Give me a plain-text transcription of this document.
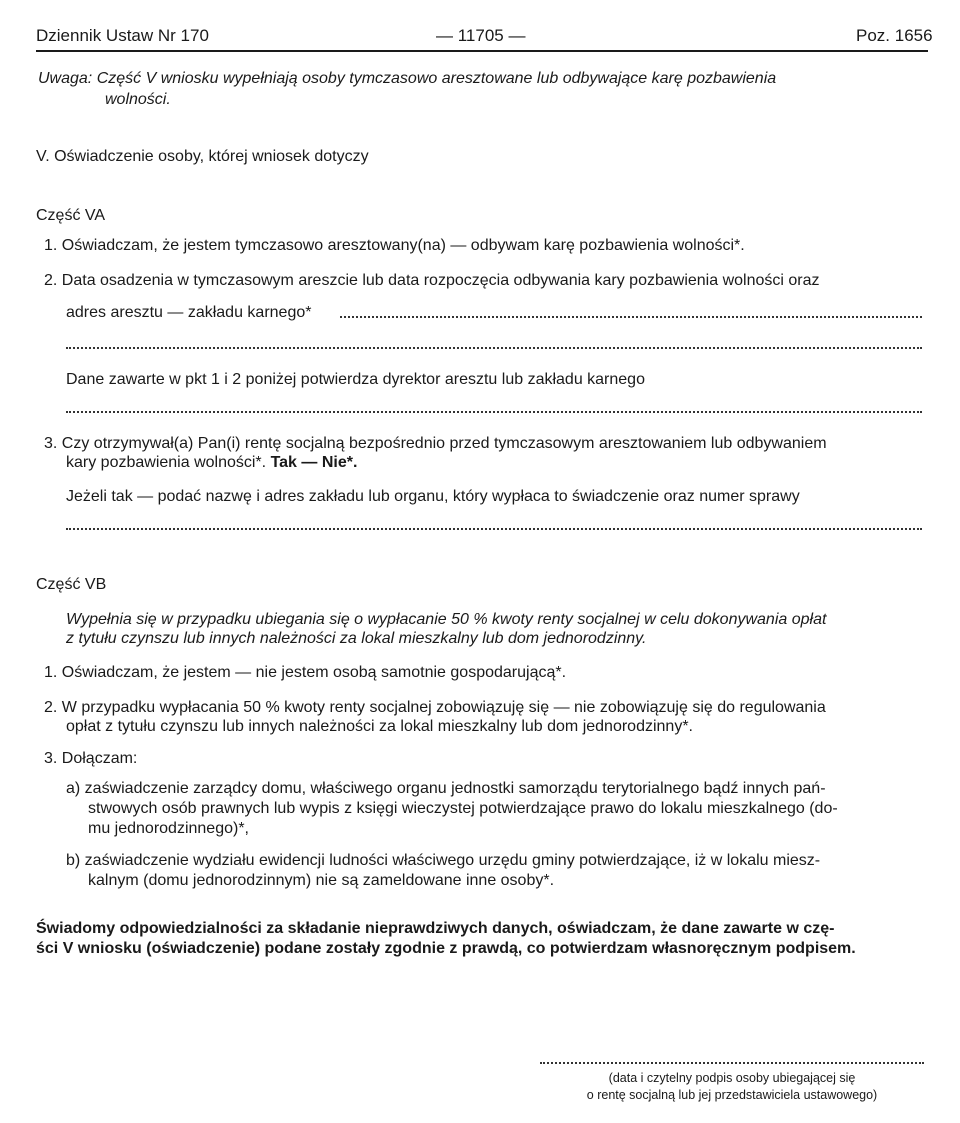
Dziennik Ustaw Nr 170	— 11705 —	Poz. 1656
Uwaga: Część V wniosku wypełniają osoby tymczasowo aresztowane lub odbywające karę pozbawienia
wolności.
V. Oświadczenie osoby, której wniosek dotyczy
Część VA
1. Oświadczam, że jestem tymczasowo aresztowany(na) — odbywam karę pozbawienia wolności*.
2. Data osadzenia w tymczasowym areszcie lub data rozpoczęcia odbywania kary pozbawienia wolności oraz
adres aresztu — zakładu karnego*
Dane zawarte w pkt 1 i 2 poniżej potwierdza dyrektor aresztu lub zakładu karnego
3. Czy otrzymywał(a) Pan(i) rentę socjalną bezpośrednio przed tymczasowym aresztowaniem lub odbywaniem
kary pozbawienia wolności*. Tak — Nie*.
Jeżeli tak — podać nazwę i adres zakładu lub organu, który wypłaca to świadczenie oraz numer sprawy
Część VB
Wypełnia się w przypadku ubiegania się o wypłacanie 50 % kwoty renty socjalnej w celu dokonywania opłat
z tytułu czynszu lub innych należności za lokal mieszkalny lub dom jednorodzinny.
1. Oświadczam, że jestem — nie jestem osobą samotnie gospodarującą*.
2. W przypadku wypłacania 50 % kwoty renty socjalnej zobowiązuję się — nie zobowiązuję się do regulowania
opłat z tytułu czynszu lub innych należności za lokal mieszkalny lub dom jednorodzinny*.
3. Dołączam:
a) zaświadczenie zarządcy domu, właściwego organu jednostki samorządu terytorialnego bądź innych pań-
stwowych osób prawnych lub wypis z księgi wieczystej potwierdzające prawo do lokalu mieszkalnego (do-
mu jednorodzinnego)*,
b) zaświadczenie wydziału ewidencji ludności właściwego urzędu gminy potwierdzające, iż w lokalu miesz-
kalnym (domu jednorodzinnym) nie są zameldowane inne osoby*.
Świadomy odpowiedzialności za składanie nieprawdziwych danych, oświadczam, że dane zawarte w czę-
ści V wniosku (oświadczenie) podane zostały zgodnie z prawdą, co potwierdzam własnoręcznym podpisem.
(data i czytelny podpis osoby ubiegającej się
o rentę socjalną lub jej przedstawiciela ustawowego)
